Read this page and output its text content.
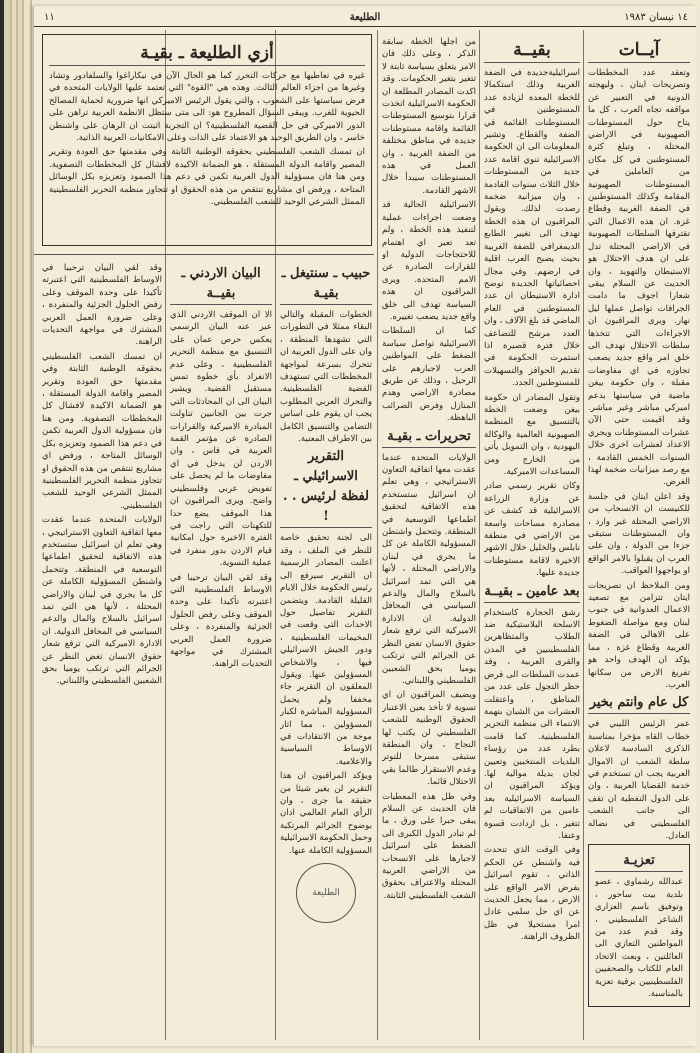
١٤ نيسان ١٩٨٣
الطليعة
١١
آيــات

وتعقد عدد المخططات وتصريحات ايتان ، وليهجته الدونية في التعبير عن مواقفه تجاه العرب ، كل ما يتاح حول المستوطنات الصهيونية في الاراضي المحتلة ، وتبلغ كثرة المستوطنين في كل مكان من العاملين في المستوطنات الصهيونية المقامة وكذلك المستوطنين في الضفة الغربية وقطاع غزة. ان هذه الاعمال التي تقترفها السلطات الصهيونية في الاراضي المحتلة تدل على ان هدف الاحتلال هو الاستيطان والتهويد ، وان الحديث عن السلام يبقى شعارا اجوف ما دامت الجرافات تواصل عملها ليل نهار. ويرى المراقبون ان الاجراءات التي تتخذها سلطات الاحتلال تهدف الى خلق امر واقع جديد يصعب تجاوزه في اي مفاوضات مقبلة ، وان حكومة بيغن ماضية في سياستها بدعم اميركي مباشر وغير مباشر. وقد اقيمت حتى الآن عشرات المستوطنات ويجري الاعداد لعشرات اخرى خلال السنوات الخمس القادمة ، مع رصد ميزانيات ضخمة لهذا الغرض.

وقد اعلن ايتان في جلسة للكنيست ان الانسحاب من الاراضي المحتلة غير وارد ، وان المستوطنات ستبقى جزءا من الدولة ، وان على العرب ان يقبلوا بالامر الواقع او يواجهوا العواقب.

ومن الملاحظ ان تصريحات ايتان تتزامن مع تصعيد الاعمال العدوانية في جنوب لبنان ومع مواصلة الضغوط على الاهالي في الضفة الغربية وقطاع غزة ، مما يؤكد ان الهدف واحد هو تفريغ الارض من سكانها العرب.

كل عام وانتم بخير

عمر الرئيس الليبي في خطاب القاه مؤخرا بمناسبة الذكرى السادسة لاعلان سلطة الشعب ان الاموال العربية يجب ان تستخدم في خدمة القضايا العربية ، وان على الدول النفطية ان تقف الى جانب الشعب الفلسطيني في نضاله العادل.

تعزيـة

عبدالله رشماوي ، عضو بلدية بيت ساحور ، وتوفيق باسم العزاري الشاعر الفلسطيني ، وقد قدم عدد من المواطنين التعازي الى العائلتين ، وبعث الاتحاد العام للكتاب والصحفيين الفلسطينيين برقية تعزية بالمناسبة.

بقيــة

اسرائيليةجديدة في الضفة الغربية وذلك استكمالا للخطة المعدة لزيادة عدد المستوطنين في المستوطنات القائمة في الضفة والقطاع. وتشير المعلومات الى ان الحكومة الاسرائيلية تنوي اقامة عدد جديد من المستوطنات خلال الثلاث سنوات القادمة ، وان ميزانية ضخمة رصدت لذلك. ويقول المراقبون ان هذه الخطة تهدف الى تغيير الطابع الديمغرافي للضفة الغربية بحيث يصبح العرب اقلية في ارضهم. وفي مجال احصائياتها الجديدة توضح ادارة الاستيطان ان عدد المستوطنين في العام الماضي قد بلغ الآلاف ، وان العدد مرشح للتضاعف خلال فترة قصيرة اذا استمرت الحكومة في تقديم الحوافز والتسهيلات للمستوطنين الجدد.

وتقول المصادر ان حكومة بيغن وضعت الخطة بالتنسيق مع المنظمة الصهيونية العالمية والوكالة اليهودية ، وان التمويل يأتي من الخارج ومن المساعدات الاميركية.

وكان تقرير رسمي صادر عن وزارة الزراعة الاسرائيلية قد كشف عن مصادرة مساحات واسعة من الاراضي في منطقة نابلس والخليل خلال الاشهر الاخيرة لاقامة مستوطنات جديدة عليها.

بعد عامين ـ بقيــة

رشق الحجارة كاستخدام الاسلحة البلاستيكية ضد الطلاب والمتظاهرين الفلسطينيين في المدن والقرى العربية ، وقد عمدت السلطات الى فرض حظر التجول على عدد من المناطق ، واعتقلت العشرات من الشبان بتهمة الانتماء الى منظمة التحرير الفلسطينية. كما قامت بطرد عدد من رؤساء البلديات المنتخبين وتعيين لجان بديلة موالية لها. ويؤكد المراقبون ان السياسة الاسرائيلية بعد عامين من الاتفاقيات لم تتغير ، بل ازدادت قسوة وعنفا.

وفي الوقت الذي تتحدث فيه واشنطن عن الحكم الذاتي ، تقوم اسرائيل بفرض الامر الواقع على الارض ، مما يجعل الحديث عن اي حل سلمي عادل امرا مستحيلا في ظل الظروف الراهنة.

من اجلها الخطة سابقة الذكر ، وعلى ذلك فان الامر يتعلق بسياسة ثابتة لا تتغير بتغير الحكومات. وقد اكدت المصادر المطلعة ان الحكومة الاسرائيلية اتخذت قرارا بتوسيع المستوطنات القائمة واقامة مستوطنات جديدة في مناطق مختلفة من الضفة الغربية ، وان العمل في هذه المستوطنات سيبدأ خلال الاشهر القادمة.

الاسرائيلية الحالية قد وضعت اجراءات عملية لتنفيذ هذه الخطة ، ولم تعد تعير اي اهتمام للاحتجاجات الدولية او للقرارات الصادرة عن الامم المتحدة. ويرى المراقبون ان هذه السياسة تهدف الى خلق واقع جديد يصعب تغييره.

كما ان السلطات الاسرائيلية تواصل سياسة الضغط على المواطنين العرب لاجبارهم على الرحيل ، وذلك عن طريق مصادرة الاراضي وهدم المنازل وفرض الضرائب الباهظة.

تحريرات ـ بقيـة

الولايات المتحدة عندما عقدت معها اتفاقية التعاون الاستراتيجي ، وهي تعلم ان اسرائيل ستستخدم هذه الاتفاقية لتحقيق اطماعها التوسعية في المنطقة. وتتحمل واشنطن المسؤولية الكاملة عن كل ما يجري في لبنان والاراضي المحتلة ، لأنها هي التي تمد اسرائيل بالسلاح والمال والدعم السياسي في المحافل الدولية. ان الادارة الاميركية التي ترفع شعار حقوق الانسان تغض النظر عن الجرائم التي ترتكب يوميا بحق الشعبين الفلسطيني واللبناني.

ويضيف المراقبون ان اي تسوية لا تأخذ بعين الاعتبار الحقوق الوطنية للشعب الفلسطيني لن يكتب لها النجاح ، وان المنطقة ستبقى مسرحا للتوتر وعدم الاستقرار طالما بقي الاحتلال قائما.

وفي ظل هذه المعطيات فان الحديث عن السلام يبقى حبرا على ورق ، ما لم تبادر الدول الكبرى الى الضغط على اسرائيل لاجبارها على الانسحاب من الاراضي العربية المحتلة والاعتراف بحقوق الشعب الفلسطيني الثابتة.

أزي الطليعة ـ بقيـة

غيره في تعاطيها مع حركات التحرر كما هو الحال الآن في نيكاراغوا والسلفادور وتشاد وغيرها من اجزاء العالم الثالث. وهذه هي "القوة" التي تعتمد عليها الولايات المتحدة في فرض سياستها على الشعوب ، والتي يقول الرئيس الاميركي انها ضرورية لحماية المصالح الحيوية للغرب. ويبقى السؤال المطروح هو: الى متى ستظل الانظمة العربية تراهن على الدور الاميركي في حل القضية الفلسطينية؟ ان التجربة اثبتت ان الرهان على واشنطن خاسر ، وان الطريق الوحيد هو الاعتماد على الذات وعلى الامكانيات العربية الذاتية.

ان تمسك الشعب الفلسطيني بحقوقه الوطنية الثابتة وفي مقدمتها حق العودة وتقرير المصير واقامة الدولة المستقلة ، هو الضمانة الاكيدة لافشال كل المخططات التصفوية. ومن هنا فان مسؤولية الدول العربية تكمن في دعم هذا الصمود وتعزيزه بكل الوسائل المتاحة ، ورفض اي مشاريع تنتقص من هذه الحقوق او تتجاوز منظمة التحرير الفلسطينية الممثل الشرعي الوحيد للشعب الفلسطيني.

حبيب ـ سنتيغل ـ بقيـة

الخطوات المقبلة والتالي البقاء ممثلا في التطورات التي تشهدها المنطقة ، وان على الدول العربية ان تتحرك بسرعة لمواجهة المخططات التي تستهدف القضية الفلسطينية. والتحرك العربي المطلوب يجب ان يقوم على اساس التضامن والتنسيق الكامل بين الاطراف المعنية.

التقرير الاسرائيلي ـ لفظة لرئيس . . !

الى لجنة تحقيق خاصة للنظر في الملف ، وقد اعلنت المصادر الرسمية ان التقرير سيرفع الى رئيس الحكومة خلال الايام القليلة القادمة. ويتضمن التقرير تفاصيل حول الاحداث التي وقعت في المخيمات الفلسطينية ، ودور الجيش الاسرائيلي فيها ، والاشخاص المسؤولين عنها. ويقول المعلقون ان التقرير جاء مخففا ولم يحمل المسؤولية المباشرة لكبار المسؤولين ، مما اثار موجة من الانتقادات في الاوساط السياسية والاعلامية.

ويؤكد المراقبون ان هذا التقرير لن يغير شيئا من حقيقة ما جرى ، وان الرأي العام العالمي ادان بوضوح الجرائم المرتكبة وحمل الحكومة الاسرائيلية المسؤولية الكاملة عنها.

الطليعة
البيان الاردني ـ بقيــة

الا ان الموقف الاردني الذي عبر عنه البيان الرسمي يعكس حرص عمان على التنسيق مع منظمة التحرير الفلسطينية ، وعلى عدم الانفراد بأي خطوة تمس مستقبل القضية. ويشير البيان الى ان المحادثات التي جرت بين الجانبين تناولت المبادرة الاميركية والقرارات الصادرة عن مؤتمر القمة العربية في فاس ، وان الاردن لن يدخل في اي مفاوضات ما لم يحصل على تفويض عربي وفلسطيني واضح. ويرى المراقبون ان هذا الموقف يضع حدا للتكهنات التي راجت في الفترة الاخيرة حول امكانية قيام الاردن بدور منفرد في عملية التسوية.

وقد لقي البيان ترحيبا في الاوساط الفلسطينية التي اعتبرته تأكيدا على وحدة الموقف وعلى رفض الحلول الجزئية والمنفردة ، وعلى ضرورة العمل العربي المشترك في مواجهة التحديات الراهنة.

وقد لقي البيان ترحيبا في الاوساط الفلسطينية التي اعتبرته تأكيدا على وحدة الموقف وعلى رفض الحلول الجزئية والمنفردة ، وعلى ضرورة العمل العربي المشترك في مواجهة التحديات الراهنة.

ان تمسك الشعب الفلسطيني بحقوقه الوطنية الثابتة وفي مقدمتها حق العودة وتقرير المصير واقامة الدولة المستقلة ، هو الضمانة الاكيدة لافشال كل المخططات التصفوية. ومن هنا فان مسؤولية الدول العربية تكمن في دعم هذا الصمود وتعزيزه بكل الوسائل المتاحة ، ورفض اي مشاريع تنتقص من هذه الحقوق او تتجاوز منظمة التحرير الفلسطينية الممثل الشرعي الوحيد للشعب الفلسطيني.

الولايات المتحدة عندما عقدت معها اتفاقية التعاون الاستراتيجي ، وهي تعلم ان اسرائيل ستستخدم هذه الاتفاقية لتحقيق اطماعها التوسعية في المنطقة. وتتحمل واشنطن المسؤولية الكاملة عن كل ما يجري في لبنان والاراضي المحتلة ، لأنها هي التي تمد اسرائيل بالسلاح والمال والدعم السياسي في المحافل الدولية. ان الادارة الاميركية التي ترفع شعار حقوق الانسان تغض النظر عن الجرائم التي ترتكب يوميا بحق الشعبين الفلسطيني واللبناني.
